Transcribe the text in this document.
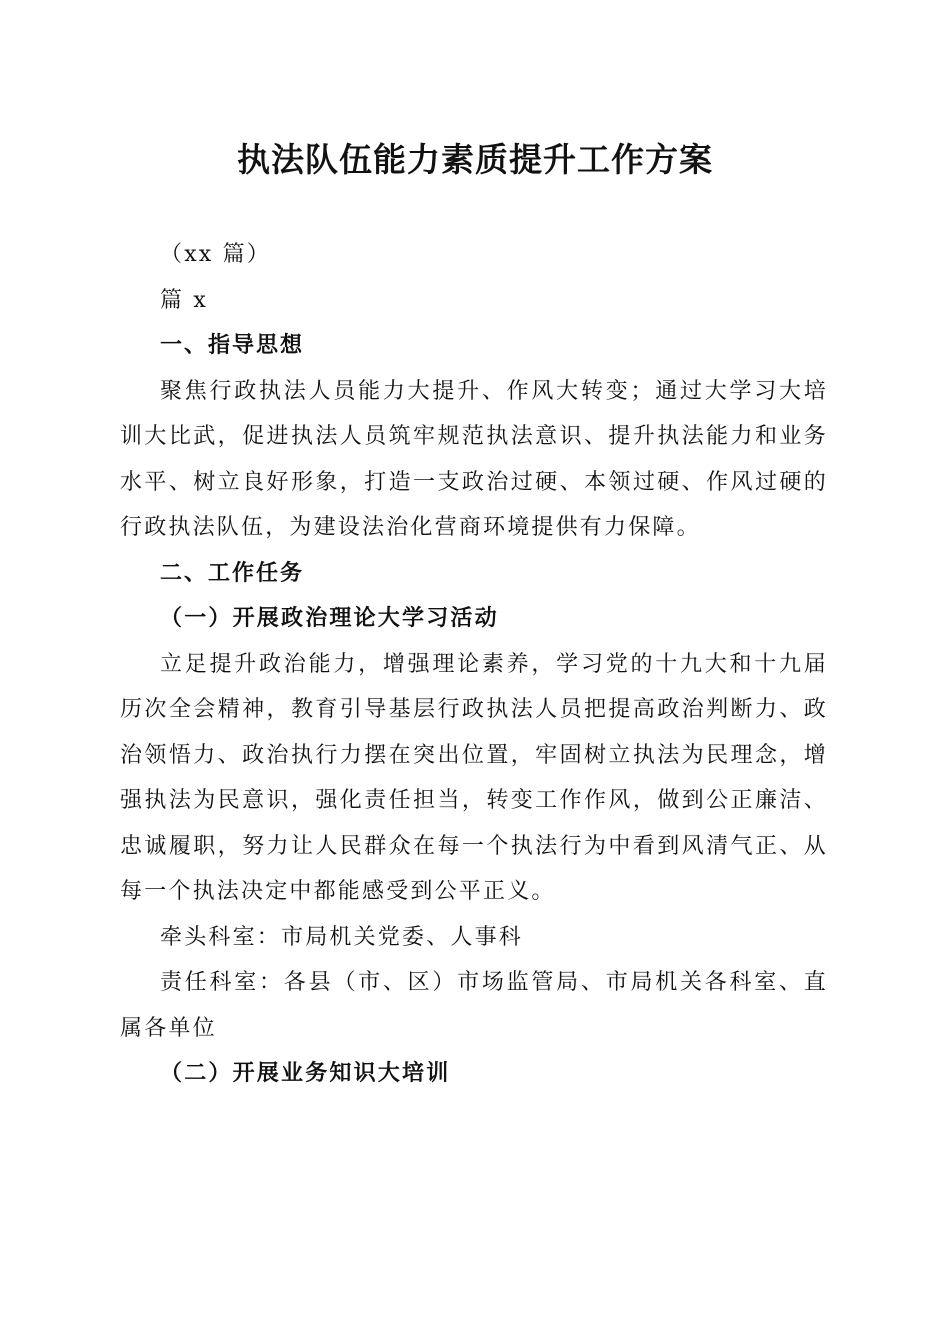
执法队伍能力素质提升工作方案

（xx 篇）

篇 x

一、指导思想

聚焦行政执法人员能力大提升、作风大转变；通过大学习大培训大比武，促进执法人员筑牢规范执法意识、提升执法能力和业务水平、树立良好形象，打造一支政治过硬、本领过硬、作风过硬的行政执法队伍，为建设法治化营商环境提供有力保障。

二、工作任务

（一）开展政治理论大学习活动

立足提升政治能力，增强理论素养，学习党的十九大和十九届历次全会精神，教育引导基层行政执法人员把提高政治判断力、政治领悟力、政治执行力摆在突出位置，牢固树立执法为民理念，增强执法为民意识，强化责任担当，转变工作作风，做到公正廉洁、忠诚履职，努力让人民群众在每一个执法行为中看到风清气正、从每一个执法决定中都能感受到公平正义。

牵头科室：市局机关党委、人事科

责任科室：各县（市、区）市场监管局、市局机关各科室、直属各单位

（二）开展业务知识大培训
